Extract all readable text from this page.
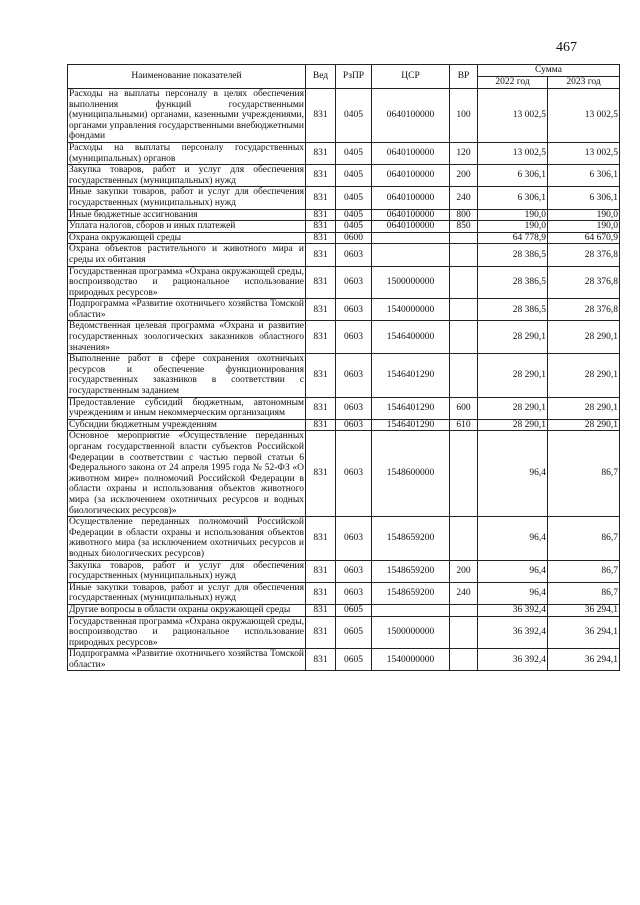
467
Наименование показателей	Вед	РзПР	ЦСР	ВР	Сумма	
					2022 год	2023 год
Расходы на выплаты персоналу в целях обеспечения выполнения функций государственными (муниципальными) органами, казенными учреждениями, органами управления государственными внебюджетными фондами	831	0405	0640100000	100	13 002,5	13 002,5
Расходы на выплаты персоналу государственных (муниципальных) органов	831	0405	0640100000	120	13 002,5	13 002,5
Закупка товаров, работ и услуг для обеспечения государственных (муниципальных) нужд	831	0405	0640100000	200	6 306,1	6 306,1
Иные закупки товаров, работ и услуг для обеспечения государственных (муниципальных) нужд	831	0405	0640100000	240	6 306,1	6 306,1
Иные бюджетные ассигнования	831	0405	0640100000	800	190,0	190,0
Уплата налогов, сборов и иных платежей	831	0405	0640100000	850	190,0	190,0
Охрана окружающей среды	831	0600			64 778,9	64 670,9
Охрана объектов растительного и животного мира и среды их обитания	831	0603			28 386,5	28 376,8
Государственная программа «Охрана окружающей среды, воспроизводство и рациональное использование природных ресурсов»	831	0603	1500000000		28 386,5	28 376,8
Подпрограмма «Развитие охотничьего хозяйства Томской области»	831	0603	1540000000		28 386,5	28 376,8
Ведомственная целевая программа «Охрана и развитие государственных зоологических заказников областного значения»	831	0603	1546400000		28 290,1	28 290,1
Выполнение работ в сфере сохранения охотничьих ресурсов и обеспечение функционирования государственных заказников в соответствии с государственным заданием	831	0603	1546401290		28 290,1	28 290,1
Предоставление субсидий бюджетным, автономным учреждениям и иным некоммерческим организациям	831	0603	1546401290	600	28 290,1	28 290,1
Субсидии бюджетным учреждениям	831	0603	1546401290	610	28 290,1	28 290,1
Основное мероприятие «Осуществление переданных органам государственной власти субъектов Российской Федерации в соответствии с частью первой статьи 6 Федерального закона от 24 апреля 1995 года № 52-ФЗ «О животном мире» полномочий Российской Федерации в области охраны и использования объектов животного мира (за исключением охотничьих ресурсов и водных биологических ресурсов)»	831	0603	1548600000		96,4	86,7
Осуществление переданных полномочий Российской Федерации в области охраны и использования объектов животного мира (за исключением охотничьих ресурсов и водных биологических ресурсов)	831	0603	1548659200		96,4	86,7
Закупка товаров, работ и услуг для обеспечения государственных (муниципальных) нужд	831	0603	1548659200	200	96,4	86,7
Иные закупки товаров, работ и услуг для обеспечения государственных (муниципальных) нужд	831	0603	1548659200	240	96,4	86,7
Другие вопросы в области охраны окружающей среды	831	0605			36 392,4	36 294,1
Государственная программа «Охрана окружающей среды, воспроизводство и рациональное использование природных ресурсов»	831	0605	1500000000		36 392,4	36 294,1
Подпрограмма «Развитие охотничьего хозяйства Томской области»	831	0605	1540000000		36 392,4	36 294,1
